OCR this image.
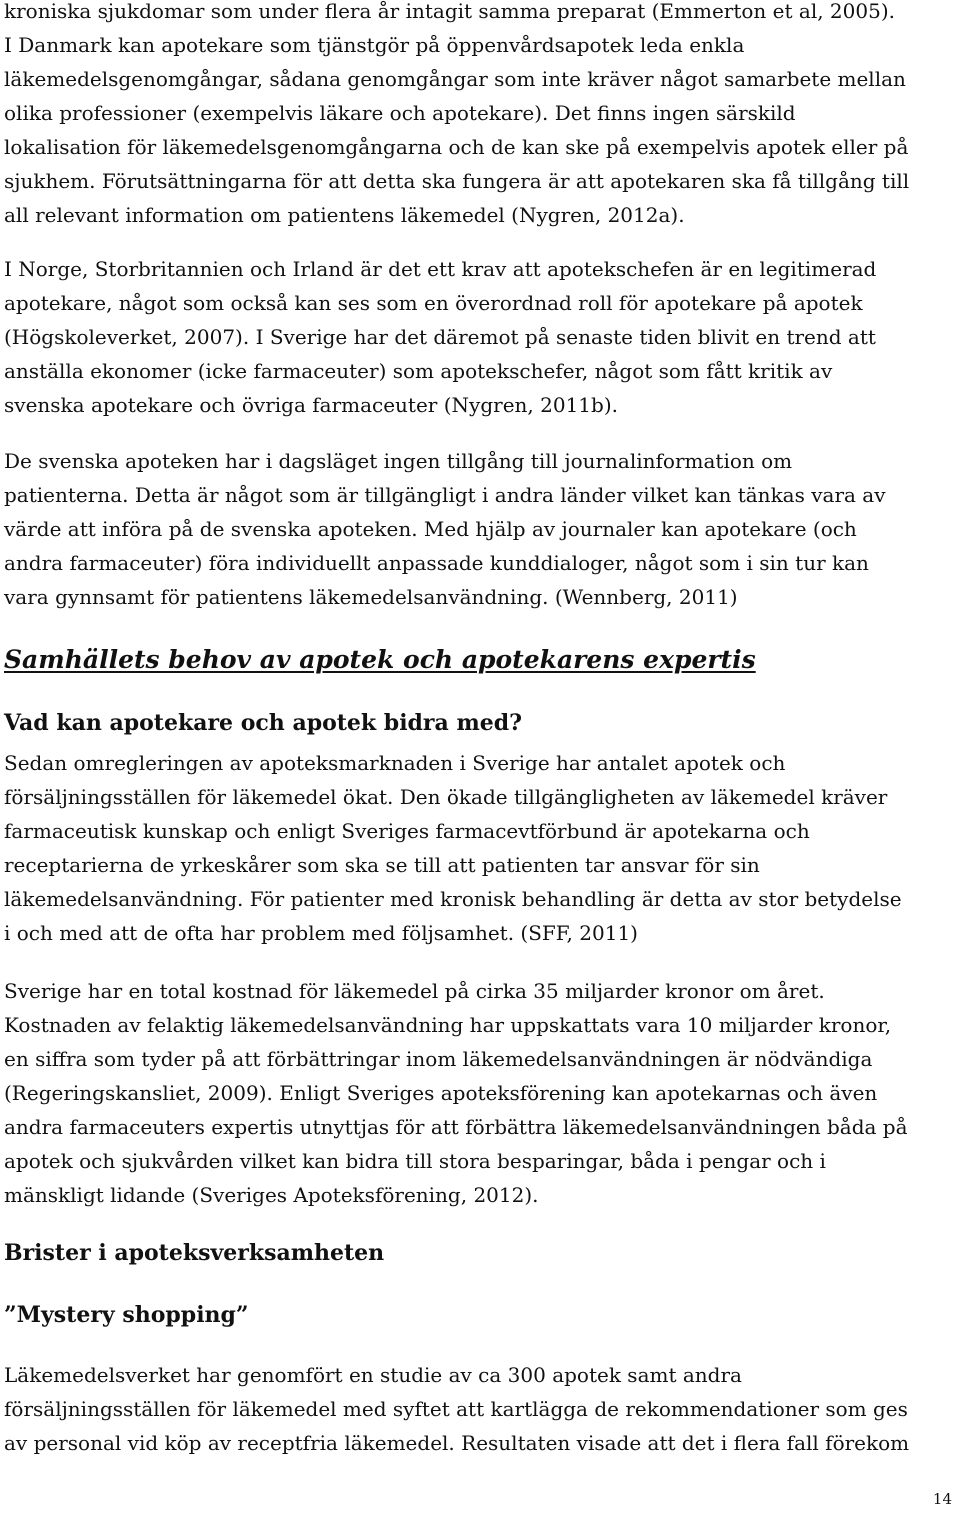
kroniska sjukdomar som under flera år intagit samma preparat (Emmerton et al, 2005).
I Danmark kan apotekare som tjänstgör på öppenvårdsapotek leda enkla
läkemedelsgenomgångar, sådana genomgångar som inte kräver något samarbete mellan
olika professioner (exempelvis läkare och apotekare). Det finns ingen särskild
lokalisation för läkemedelsgenomgångarna och de kan ske på exempelvis apotek eller på
sjukhem. Förutsättningarna för att detta ska fungera är att apotekaren ska få tillgång till
all relevant information om patientens läkemedel (Nygren, 2012a).

I Norge, Storbritannien och Irland är det ett krav att apotekschefen är en legitimerad
apotekare, något som också kan ses som en överordnad roll för apotekare på apotek
(Högskoleverket, 2007). I Sverige har det däremot på senaste tiden blivit en trend att
anställa ekonomer (icke farmaceuter) som apotekschefer, något som fått kritik av
svenska apotekare och övriga farmaceuter (Nygren, 2011b).

De svenska apoteken har i dagsläget ingen tillgång till journalinformation om
patienterna. Detta är något som är tillgängligt i andra länder vilket kan tänkas vara av
värde att införa på de svenska apoteken. Med hjälp av journaler kan apotekare (och
andra farmaceuter) föra individuellt anpassade kunddialoger, något som i sin tur kan
vara gynnsamt för patientens läkemedelsanvändning. (Wennberg, 2011)

Samhällets behov av apotek och apotekarens expertis
Vad kan apotekare och apotek bidra med?

Sedan omregleringen av apoteksmarknaden i Sverige har antalet apotek och
försäljningsställen för läkemedel ökat. Den ökade tillgängligheten av läkemedel kräver
farmaceutisk kunskap och enligt Sveriges farmacevtförbund är apotekarna och
receptarierna de yrkeskårer som ska se till att patienten tar ansvar för sin
läkemedelsanvändning. För patienter med kronisk behandling är detta av stor betydelse
i och med att de ofta har problem med följsamhet. (SFF, 2011)

Sverige har en total kostnad för läkemedel på cirka 35 miljarder kronor om året.
Kostnaden av felaktig läkemedelsanvändning har uppskattats vara 10 miljarder kronor,
en siffra som tyder på att förbättringar inom läkemedelsanvändningen är nödvändiga
(Regeringskansliet, 2009). Enligt Sveriges apoteksförening kan apotekarnas och även
andra farmaceuters expertis utnyttjas för att förbättra läkemedelsanvändningen båda på
apotek och sjukvården vilket kan bidra till stora besparingar, båda i pengar och i
mänskligt lidande (Sveriges Apoteksförening, 2012).

Brister i apoteksverksamheten
”Mystery shopping”

Läkemedelsverket har genomfört en studie av ca 300 apotek samt andra
försäljningsställen för läkemedel med syftet att kartlägga de rekommendationer som ges
av personal vid köp av receptfria läkemedel. Resultaten visade att det i flera fall förekom

14
